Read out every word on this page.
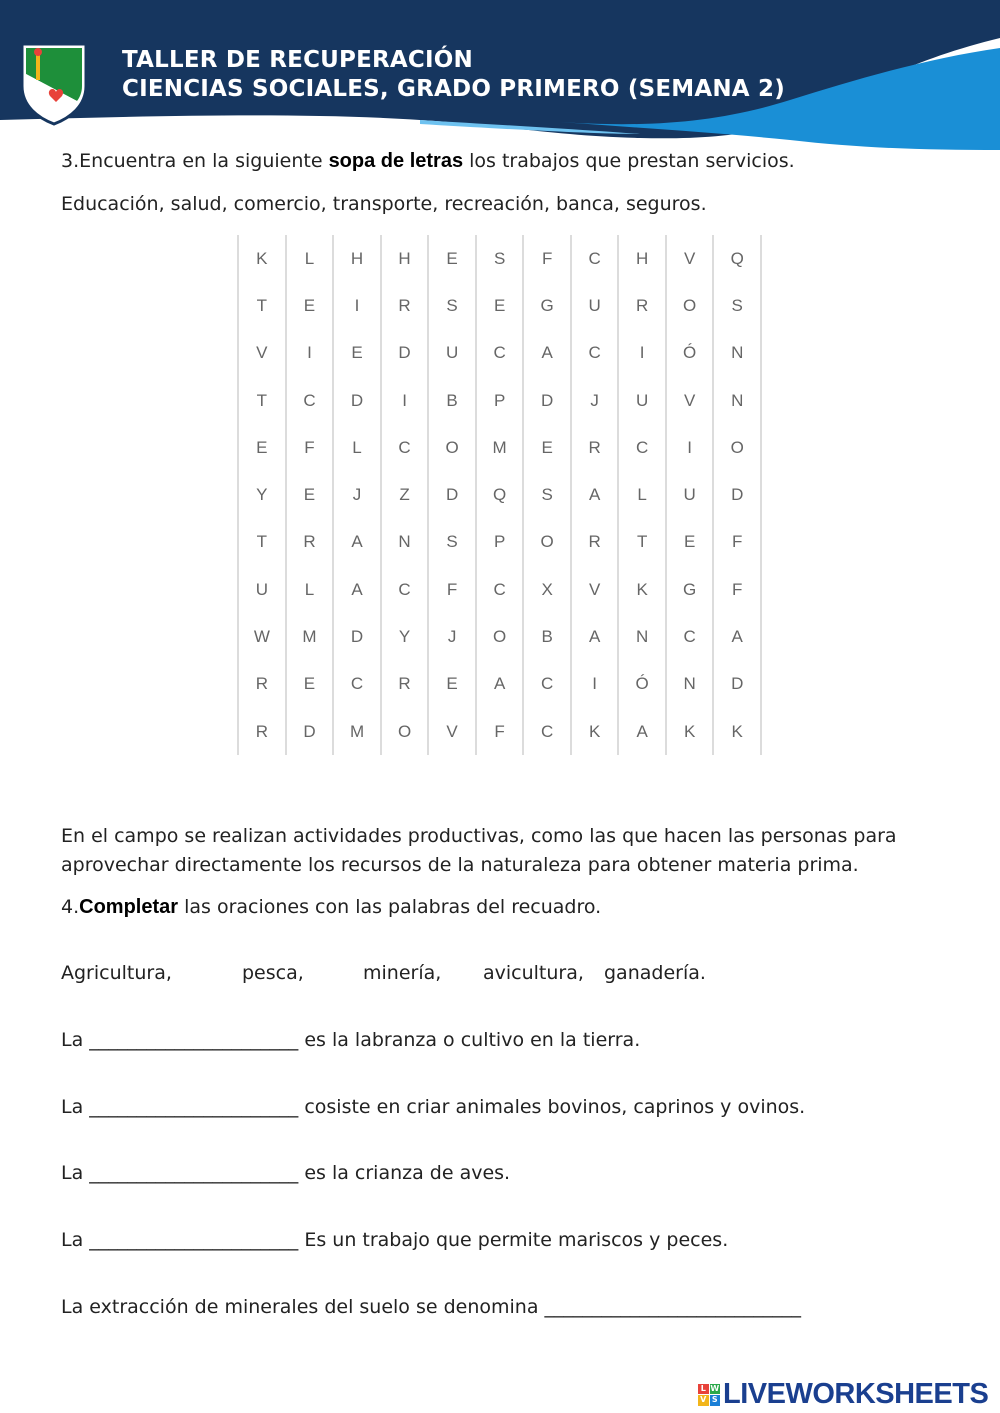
TALLER DE RECUPERACIÓN
CIENCIAS SOCIALES, GRADO PRIMERO (SEMANA 2)
3.Encuentra en la siguiente sopa de letras los trabajos que prestan servicios.
Educación, salud, comercio, transporte, recreación, banca, seguros.
K	L	H	H	E	S	F	C	H	V	Q
T	E	I	R	S	E	G	U	R	O	S
V	I	E	D	U	C	A	C	I	Ó	N
T	C	D	I	B	P	D	J	U	V	N
E	F	L	C	O	M	E	R	C	I	O
Y	E	J	Z	D	Q	S	A	L	U	D
T	R	A	N	S	P	O	R	T	E	F
U	L	A	C	F	C	X	V	K	G	F
W	M	D	Y	J	O	B	A	N	C	A
R	E	C	R	E	A	C	I	Ó	N	D
R	D	M	O	V	F	C	K	A	K	K
En el campo se realizan actividades productivas, como las que hacen las personas para
aprovechar directamente los recursos de la naturaleza para obtener materia prima.
4.Completar las oraciones con las palabras del recuadro.
Agricultura,	pesca,	minería, avicultura, ganadería.
La ______________________ es la labranza o cultivo en la tierra.
La ______________________ cosiste en criar animales bovinos, caprinos y ovinos.
La ______________________ es la crianza de aves.
La ______________________ Es un trabajo que permite mariscos y peces.
La extracción de minerales del suelo se denomina ___________________________
L W
V S LIVEWORKSHEETS
